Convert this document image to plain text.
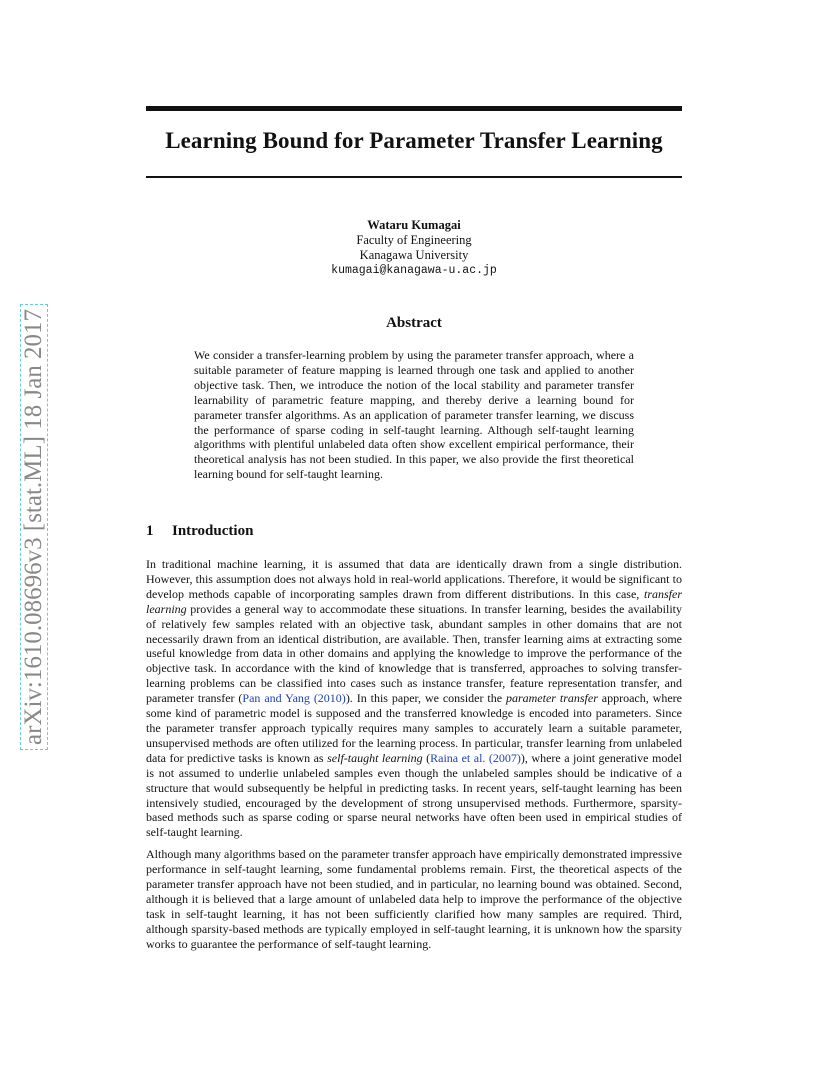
arXiv:1610.08696v3 [stat.ML] 18 Jan 2017
Learning Bound for Parameter Transfer Learning
Wataru Kumagai
Faculty of Engineering
Kanagawa University
kumagai@kanagawa-u.ac.jp
Abstract
We consider a transfer-learning problem by using the parameter transfer approach, where a suitable parameter of feature mapping is learned through one task and applied to another objective task. Then, we introduce the notion of the local stability and parameter transfer learnability of parametric feature mapping, and thereby derive a learning bound for parameter transfer algorithms. As an application of parameter transfer learning, we discuss the performance of sparse coding in self-taught learning. Although self-taught learning algorithms with plentiful unlabeled data often show excellent empirical performance, their theoretical analysis has not been studied. In this paper, we also provide the first theoretical learning bound for self-taught learning.
1 Introduction

In traditional machine learning, it is assumed that data are identically drawn from a single distribution. However, this assumption does not always hold in real-world applications. Therefore, it would be significant to develop methods capable of incorporating samples drawn from different distributions. In this case, transfer learning provides a general way to accommodate these situations. In transfer learning, besides the availability of relatively few samples related with an objective task, abundant samples in other domains that are not necessarily drawn from an identical distribution, are available. Then, transfer learning aims at extracting some useful knowledge from data in other domains and applying the knowledge to improve the performance of the objective task. In accordance with the kind of knowledge that is transferred, approaches to solving transfer-learning problems can be classified into cases such as instance transfer, feature representation transfer, and parameter transfer (Pan and Yang (2010)). In this paper, we consider the parameter transfer approach, where some kind of parametric model is supposed and the transferred knowledge is encoded into parameters. Since the parameter transfer approach typically requires many samples to accurately learn a suitable parameter, unsupervised methods are often utilized for the learning process. In particular, transfer learning from unlabeled data for predictive tasks is known as self-taught learning (Raina et al. (2007)), where a joint generative model is not assumed to underlie unlabeled samples even though the unlabeled samples should be indicative of a structure that would subsequently be helpful in predicting tasks. In recent years, self-taught learning has been intensively studied, encouraged by the development of strong unsupervised methods. Furthermore, sparsity-based methods such as sparse coding or sparse neural networks have often been used in empirical studies of self-taught learning.

Although many algorithms based on the parameter transfer approach have empirically demonstrated impressive performance in self-taught learning, some fundamental problems remain. First, the theoretical aspects of the parameter transfer approach have not been studied, and in particular, no learning bound was obtained. Second, although it is believed that a large amount of unlabeled data help to improve the performance of the objective task in self-taught learning, it has not been sufficiently clarified how many samples are required. Third, although sparsity-based methods are typically employed in self-taught learning, it is unknown how the sparsity works to guarantee the performance of self-taught learning.
